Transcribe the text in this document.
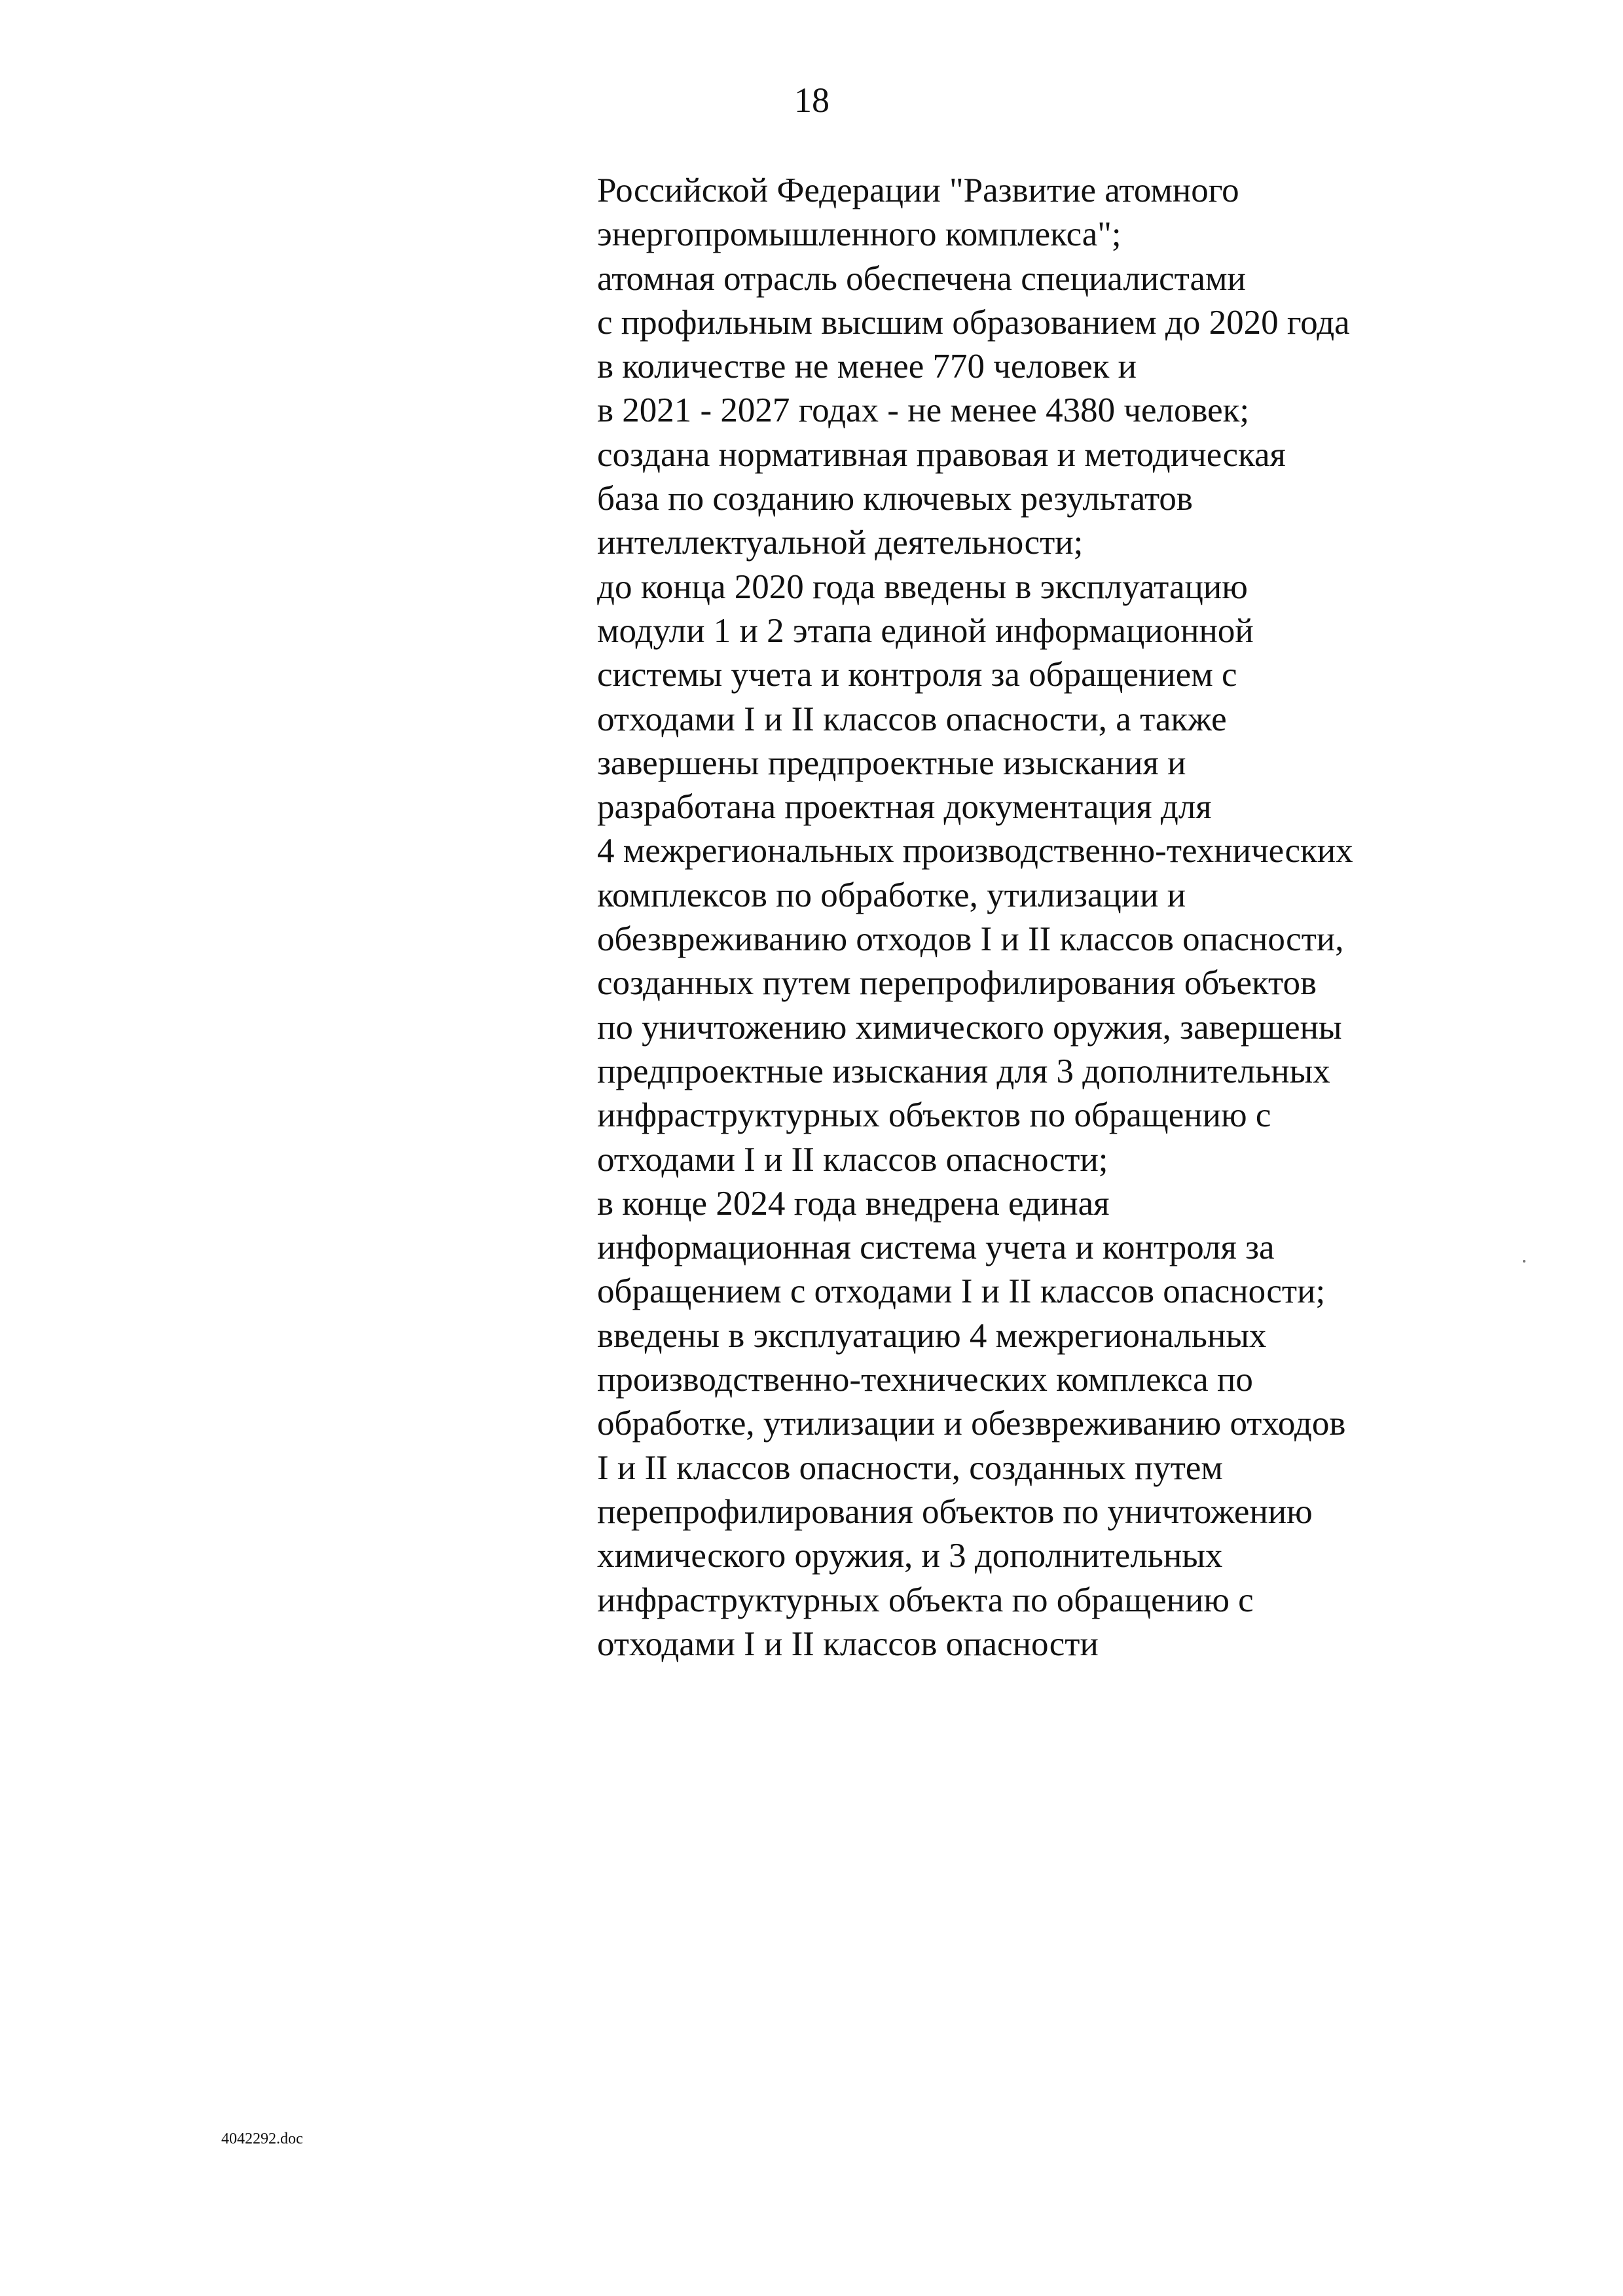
18
Российской Федерации "Развитие атомного
энергопромышленного комплекса";
атомная отрасль обеспечена специалистами
с профильным высшим образованием до 2020 года
в количестве не менее 770 человек и
в 2021 - 2027 годах - не менее 4380 человек;
создана нормативная правовая и методическая
база по созданию ключевых результатов
интеллектуальной деятельности;
до конца 2020 года введены в эксплуатацию
модули 1 и 2 этапа единой информационной
системы учета и контроля за обращением с
отходами I и II классов опасности, а также
завершены предпроектные изыскания и
разработана проектная документация для
4 межрегиональных производственно-технических
комплексов по обработке, утилизации и
обезвреживанию отходов I и II классов опасности,
созданных путем перепрофилирования объектов
по уничтожению химического оружия, завершены
предпроектные изыскания для 3 дополнительных
инфраструктурных объектов по обращению с
отходами I и II классов опасности;
в конце 2024 года внедрена единая
информационная система учета и контроля за
обращением с отходами I и II классов опасности;
введены в эксплуатацию 4 межрегиональных
производственно-технических комплекса по
обработке, утилизации и обезвреживанию отходов
I и II классов опасности, созданных путем
перепрофилирования объектов по уничтожению
химического оружия, и 3 дополнительных
инфраструктурных объекта по обращению с
отходами I и II классов опасности
4042292.doc
